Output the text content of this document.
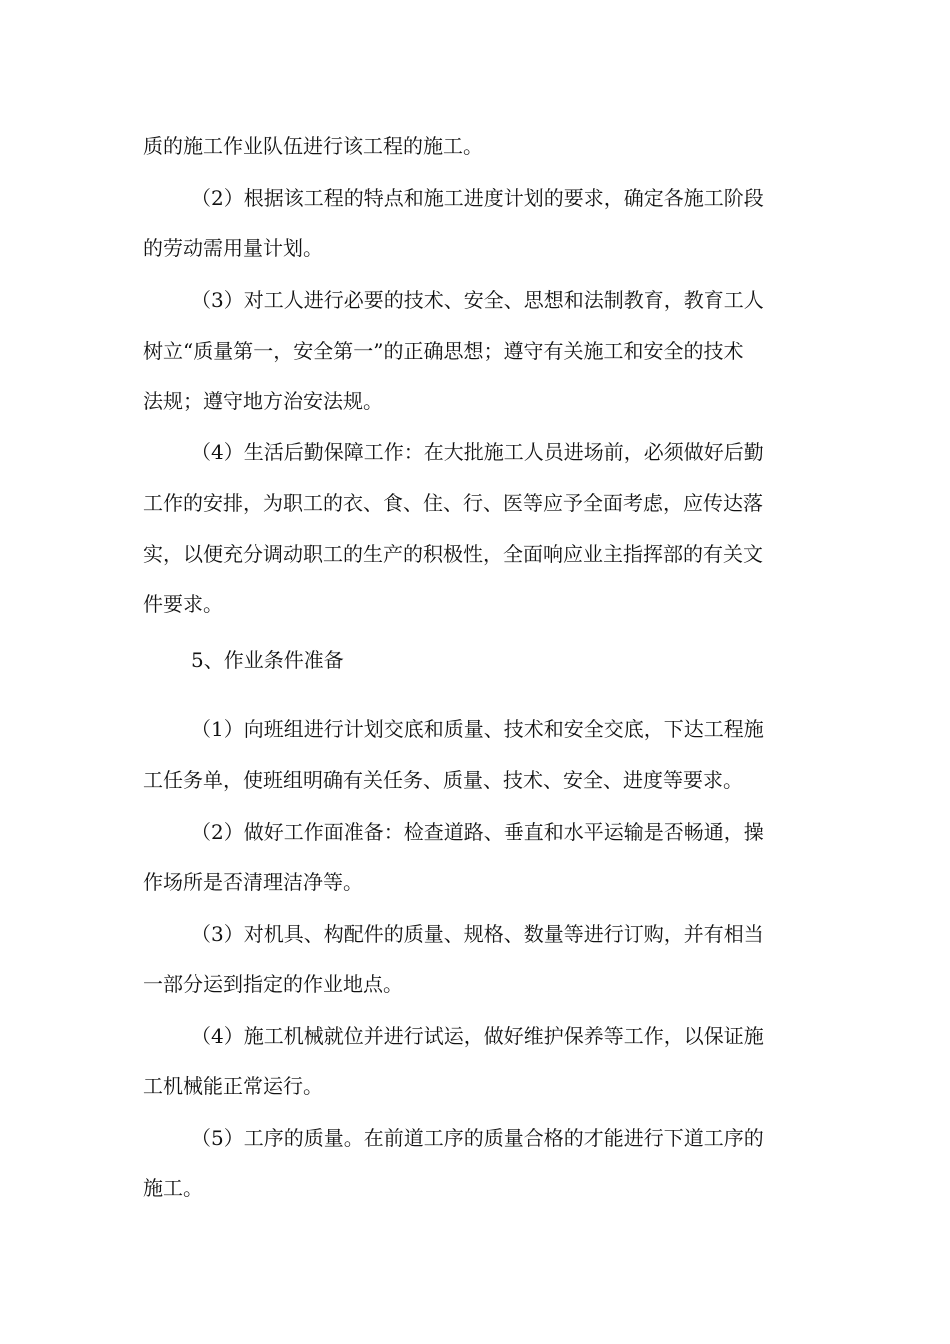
质的施工作业队伍进行该工程的施工。
（2）根据该工程的特点和施工进度计划的要求，确定各施工阶段
的劳动需用量计划。
（3）对工人进行必要的技术、安全、思想和法制教育，教育工人
树立“质量第一，安全第一”的正确思想；遵守有关施工和安全的技术
法规；遵守地方治安法规。
（4）生活后勤保障工作：在大批施工人员进场前，必须做好后勤
工作的安排，为职工的衣、食、住、行、医等应予全面考虑，应传达落
实，以便充分调动职工的生产的积极性，全面响应业主指挥部的有关文
件要求。
5、作业条件准备
（1）向班组进行计划交底和质量、技术和安全交底，下达工程施
工任务单，使班组明确有关任务、质量、技术、安全、进度等要求。
（2）做好工作面准备：检查道路、垂直和水平运输是否畅通，操
作场所是否清理洁净等。
（3）对机具、构配件的质量、规格、数量等进行订购，并有相当
一部分运到指定的作业地点。
（4）施工机械就位并进行试运，做好维护保养等工作，以保证施
工机械能正常运行。
（5）工序的质量。在前道工序的质量合格的才能进行下道工序的
施工。
